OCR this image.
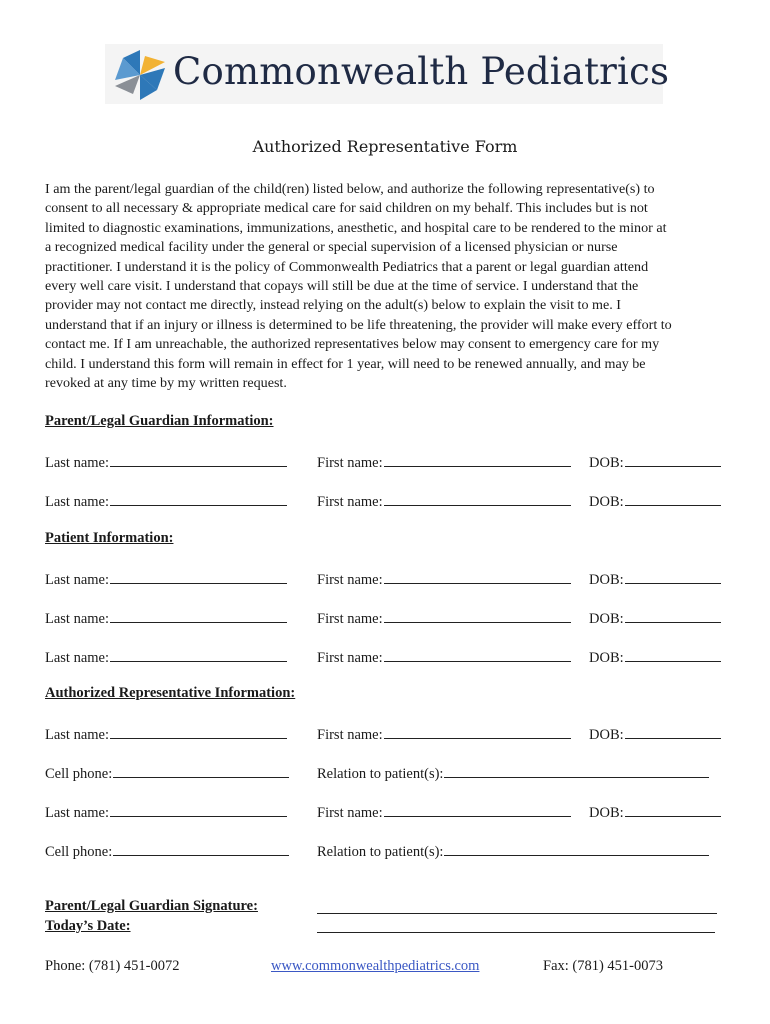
Commonwealth Pediatrics
Authorized Representative Form
I am the parent/legal guardian of the child(ren) listed below, and authorize the following representative(s) to
consent to all necessary & appropriate medical care for said children on my behalf. This includes but is not
limited to diagnostic examinations, immunizations, anesthetic, and hospital care to be rendered to the minor at
a recognized medical facility under the general or special supervision of a licensed physician or nurse
practitioner. I understand it is the policy of Commonwealth Pediatrics that a parent or legal guardian attend
every well care visit. I understand that copays will still be due at the time of service. I understand that the
provider may not contact me directly, instead relying on the adult(s) below to explain the visit to me. I
understand that if an injury or illness is determined to be life threatening, the provider will make every effort to
contact me. If I am unreachable, the authorized representatives below may consent to emergency care for my
child. I understand this form will remain in effect for 1 year, will need to be renewed annually, and may be
revoked at any time by my written request.
Parent/Legal Guardian Information:
Last name:	First name:	DOB:
Last name:	First name:	DOB:
Patient Information:
Last name:	First name:	DOB:
Last name:	First name:	DOB:
Last name:	First name:	DOB:
Authorized Representative Information:
Last name:	First name:	DOB:
Cell phone:	Relation to patient(s):
Last name:	First name:	DOB:
Cell phone:	Relation to patient(s):
Parent/Legal Guardian Signature:
Today’s Date:
Phone: (781) 451-0072	www.commonwealthpediatrics.com	Fax: (781) 451-0073
